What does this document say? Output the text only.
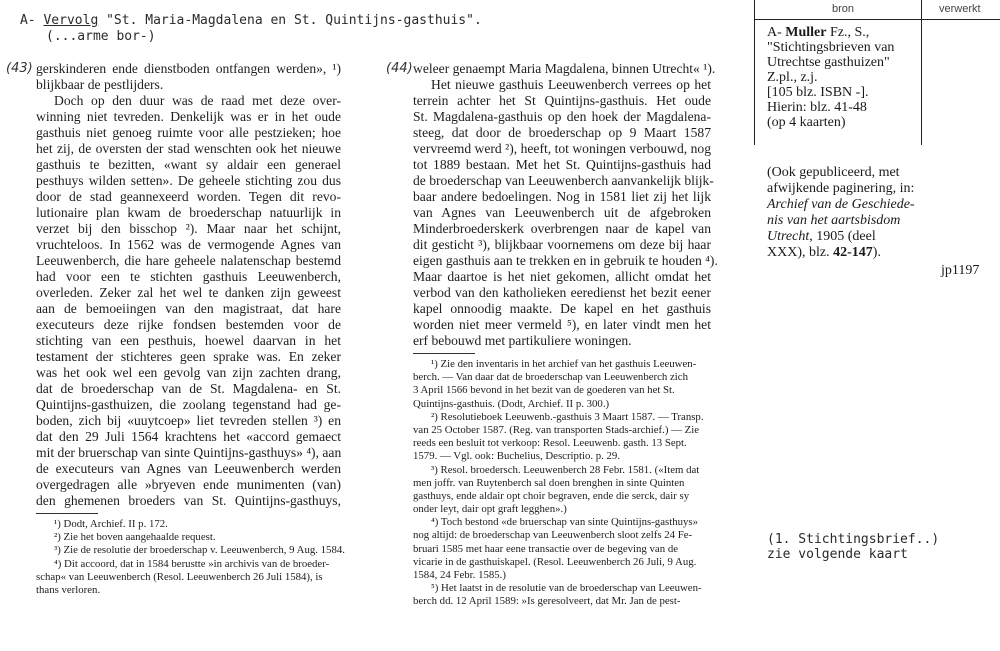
A- Vervolg "St. Maria-Magdalena en St. Quintijns-gasthuis".
(...arme bor-)
(43) gerskinderen ende dienstboden ontfangen werden», ¹)
blijkbaar de pestlijders.
Doch op den duur was de raad met deze over-
winning niet tevreden. Denkelijk was er in het oude
gasthuis niet genoeg ruimte voor alle pestzieken; hoe
het zij, de oversten der stad wenschten ook het nieuwe
gasthuis te bezitten, «want sy aldair een generael
pesthuys wilden setten». De geheele stichting zou dus
door de stad geannexeerd worden. Tegen dit revo-
lutionaire plan kwam de broederschap natuurlijk in
verzet bij den bisschop ²). Maar naar het schijnt,
vruchteloos. In 1562 was de vermogende Agnes van
Leeuwenberch, die hare geheele nalatenschap bestemd
had voor een te stichten gasthuis Leeuwenberch,
overleden. Zeker zal het wel te danken zijn geweest
aan de bemoeiingen van den magistraat, dat hare
executeurs deze rijke fondsen bestemden voor de
stichting van een pesthuis, hoewel daarvan in het
testament der stichteres geen sprake was. En zeker
was het ook wel een gevolg van zijn zachten drang,
dat de broederschap van de St. Magdalena- en St.
Quintijns-gasthuizen, die zoolang tegenstand had ge-
boden, zich bij «uuytcoep» liet tevreden stellen ³) en
dat den 29 Juli 1564 krachtens het «accord gemaect
mit der bruerschap van sinte Quintijns-gasthuys» ⁴), aan
de executeurs van Agnes van Leeuwenberch werden
overgedragen alle »bryeven ende munimenten (van)
den ghemenen broeders van St. Quintijns-gasthuys,
¹) Dodt, Archief. II p. 172.
²) Zie het boven aangehaalde request.
³) Zie de resolutie der broederschap v. Leeuwenberch, 9 Aug. 1584.
⁴) Dit accoord, dat in 1584 berustte »in archivis van de broeder-
schap« van Leeuwenberch (Resol. Leeuwenberch 26 Juli 1584), is
thans verloren.
(44) weleer genaempt Maria Magdalena, binnen Utrecht« ¹).
Het nieuwe gasthuis Leeuwenberch verrees op het
terrein achter het St Quintijns-gasthuis. Het oude
St. Magdalena-gasthuis op den hoek der Magdalena-
steeg, dat door de broederschap op 9 Maart 1587
vervreemd werd ²), heeft, tot woningen verbouwd, nog
tot 1889 bestaan. Met het St. Quintijns-gasthuis had
de broederschap van Leeuwenberch aanvankelijk blijk-
baar andere bedoelingen. Nog in 1581 liet zij het lijk
van Agnes van Leeuwenberch uit de afgebroken
Minderbroederskerk overbrengen naar de kapel van
dit gesticht ³), blijkbaar voornemens om deze bij haar
eigen gasthuis aan te trekken en in gebruik te houden ⁴).
Maar daartoe is het niet gekomen, allicht omdat het
verbod van den katholieken eeredienst het bezit eener
kapel onnoodig maakte. De kapel en het gasthuis
worden niet meer vermeld ⁵), en later vindt men het
erf bebouwd met partikuliere woningen.
¹) Zie den inventaris in het archief van het gasthuis Leeuwen-
berch. — Van daar dat de broederschap van Leeuwenberch zich
3 April 1566 bevond in het bezit van de goederen van het St.
Quintijns-gasthuis. (Dodt, Archief. II p. 300.)
²) Resolutieboek Leeuwenb.-gasthuis 3 Maart 1587. — Transp.
van 25 October 1587. (Reg. van transporten Stads-archief.) — Zie
reeds een besluit tot verkoop: Resol. Leeuwenb. gasth. 13 Sept.
1579. — Vgl. ook: Buchelius, Descriptio. p. 29.
³) Resol. broedersch. Leeuwenberch 28 Febr. 1581. («Item dat
men joffr. van Ruytenberch sal doen brenghen in sinte Quinten
gasthuys, ende aldair opt choir begraven, ende die serck, dair sy
onder leyt, dair opt graft legghen».)
⁴) Toch bestond «de bruerschap van sinte Quintijns-gasthuys»
nog altijd: de broederschap van Leeuwenberch sloot zelfs 24 Fe-
bruari 1585 met haar eene transactie over de begeving van de
vicarie in de gasthuiskapel. (Resol. Leeuwenberch 26 Juli, 9 Aug.
1584, 24 Febr. 1585.)
⁵) Het laatst in de resolutie van de broederschap van Leeuwen-
berch dd. 12 April 1589: »Is geresolveert, dat Mr. Jan de pest-
bron	verwerkt
A- Muller Fz., S.,
"Stichtingsbrieven van
Utrechtse gasthuizen"
Z.pl., z.j.
[105 blz. ISBN -].
Hierin: blz. 41-48
(op 4 kaarten)
(Ook gepubliceerd, met
afwijkende paginering, in:
Archief van de Geschiede-
nis van het aartsbisdom
Utrecht, 1905 (deel
XXX), blz. 42-147).
jp1197
(1. Stichtingsbrief..)
zie volgende kaart
